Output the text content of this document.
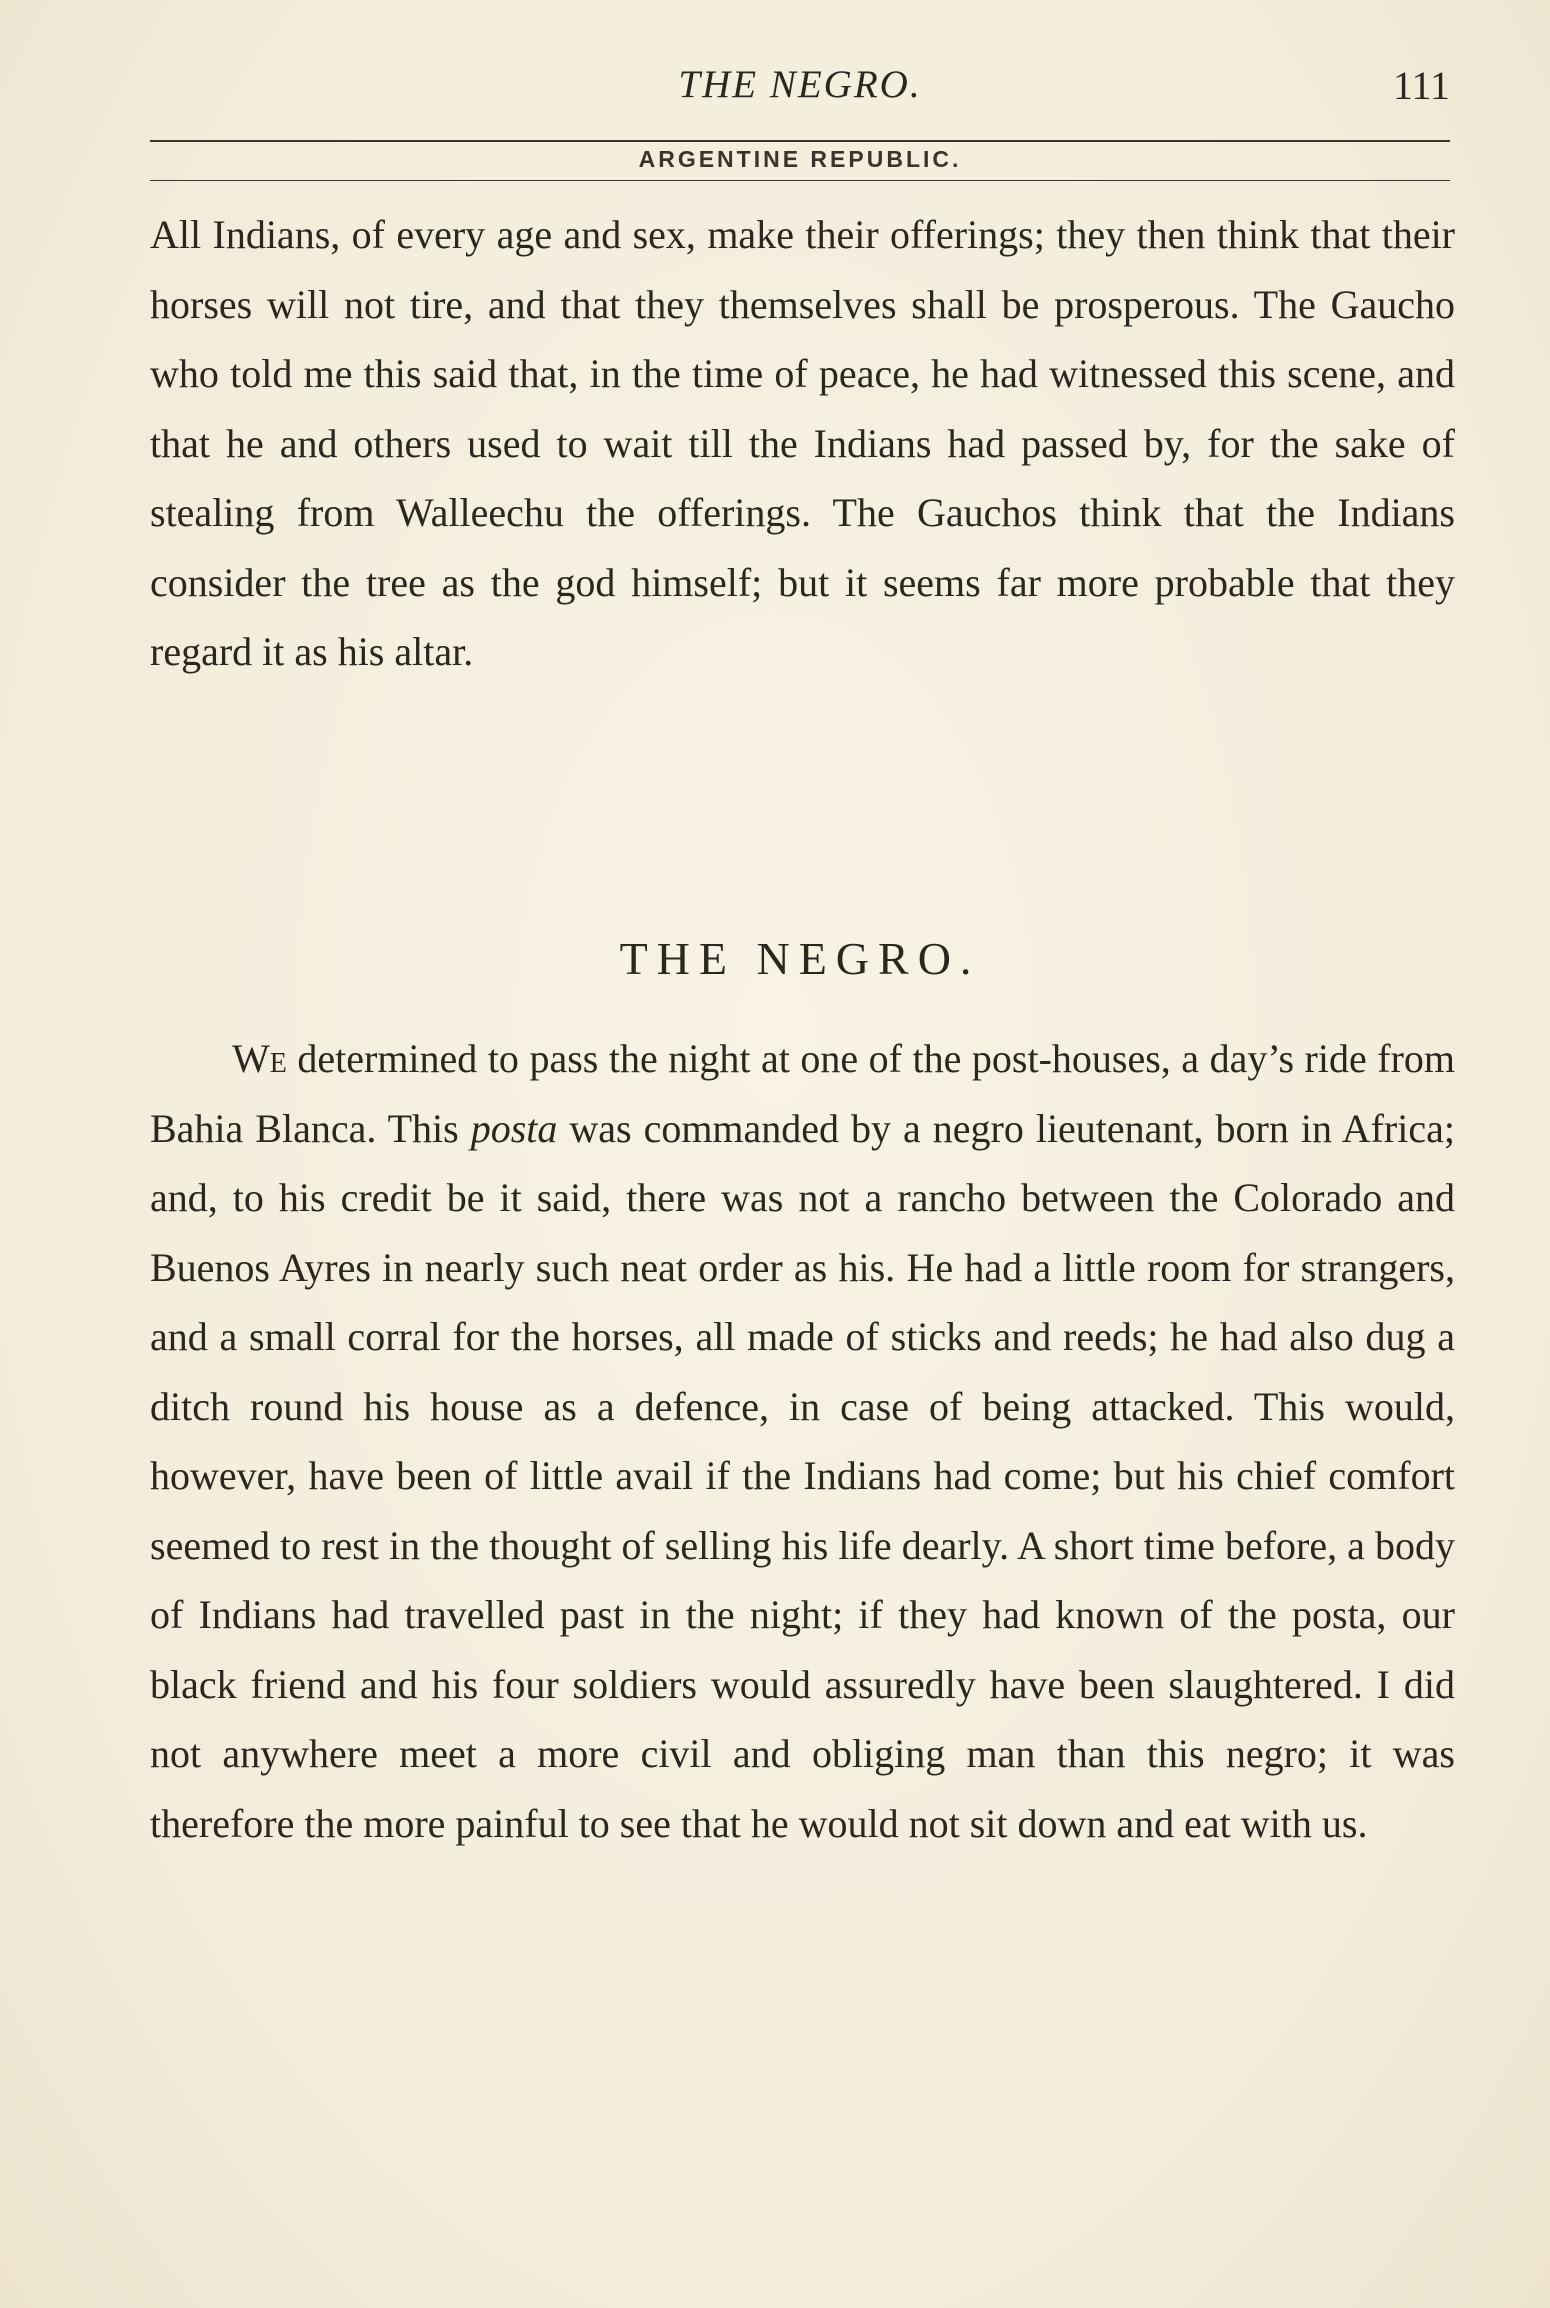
THE NEGRO.	111
ARGENTINE REPUBLIC.

All Indians, of every age and sex, make their offerings; they then think that their horses will not tire, and that they themselves shall be prosperous. The Gaucho who told me this said that, in the time of peace, he had witnessed this scene, and that he and others used to wait till the Indians had passed by, for the sake of stealing from Walleechu the offerings. The Gauchos think that the Indians consider the tree as the god himself; but it seems far more probable that they regard it as his altar.

THE NEGRO.

We determined to pass the night at one of the post-houses, a day’s ride from Bahia Blanca. This posta was commanded by a negro lieutenant, born in Africa; and, to his credit be it said, there was not a rancho between the Colorado and Buenos Ayres in nearly such neat order as his. He had a little room for strangers, and a small corral for the horses, all made of sticks and reeds; he had also dug a ditch round his house as a defence, in case of being attacked. This would, however, have been of little avail if the Indians had come; but his chief comfort seemed to rest in the thought of selling his life dearly. A short time before, a body of Indians had travelled past in the night; if they had known of the posta, our black friend and his four soldiers would assuredly have been slaughtered. I did not anywhere meet a more civil and obliging man than this negro; it was therefore the more painful to see that he would not sit down and eat with us.
